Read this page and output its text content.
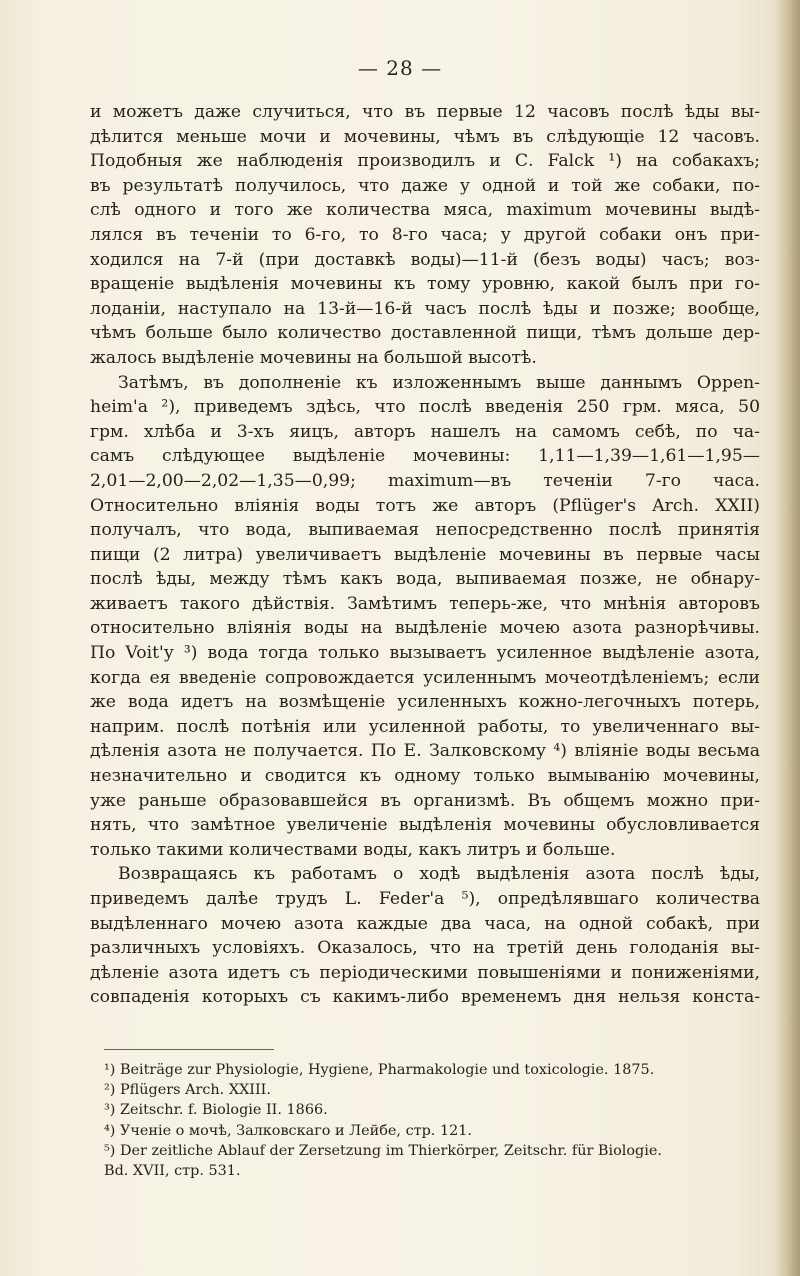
— 28 —
и можетъ даже случиться, что въ первые 12 часовъ послѣ ѣды вы-
дѣлится меньше мочи и мочевины, чѣмъ въ слѣдующіе 12 часовъ.
Подобныя же наблюденія производилъ и С. Falck ¹) на собакахъ;
въ результатѣ получилось, что даже у одной и той же собаки, по-
слѣ одного и того же количества мяса, maximum мочевины выдѣ-
лялся въ теченіи то 6-го, то 8-го часа; у другой собаки онъ при-
ходился на 7-й (при доставкѣ воды)—11-й (безъ воды) часъ; воз-
вращеніе выдѣленія мочевины къ тому уровню, какой былъ при го-
лоданіи, наступало на 13-й—16-й часъ послѣ ѣды и позже; вообще,
чѣмъ больше было количество доставленной пищи, тѣмъ дольше дер-
жалось выдѣленіе мочевины на большой высотѣ.
Затѣмъ, въ дополненіе къ изложеннымъ выше даннымъ Oppen-
heim'a ²), приведемъ здѣсь, что послѣ введенія 250 грм. мяса, 50
грм. хлѣба и 3-хъ яицъ, авторъ нашелъ на самомъ себѣ, по ча-
самъ слѣдующее выдѣленіе мочевины: 1,11—1,39—1,61—1,95—
2,01—2,00—2,02—1,35—0,99; maximum—въ теченіи 7-го часа.
Относительно вліянія воды тотъ же авторъ (Pflüger's Arch. XXII)
получалъ, что вода, выпиваемая непосредственно послѣ принятія
пищи (2 литра) увеличиваетъ выдѣленіе мочевины въ первые часы
послѣ ѣды, между тѣмъ какъ вода, выпиваемая позже, не обнару-
живаетъ такого дѣйствія. Замѣтимъ теперь-же, что мнѣнія авторовъ
относительно вліянія воды на выдѣленіе мочею азота разнорѣчивы.
По Voit'у ³) вода тогда только вызываетъ усиленное выдѣленіе азота,
когда ея введеніе сопровождается усиленнымъ мочеотдѣленіемъ; если
же вода идетъ на возмѣщеніе усиленныхъ кожно-легочныхъ потерь,
наприм. послѣ потѣнія или усиленной работы, то увеличеннаго вы-
дѣленія азота не получается. По Е. Залковскому ⁴) вліяніе воды весьма
незначительно и сводится къ одному только вымыванію мочевины,
уже раньше образовавшейся въ организмѣ. Въ общемъ можно при-
нять, что замѣтное увеличеніе выдѣленія мочевины обусловливается
только такими количествами воды, какъ литръ и больше.
Возвращаясь къ работамъ о ходѣ выдѣленія азота послѣ ѣды,
приведемъ далѣе трудъ L. Feder'a ⁵), опредѣлявшаго количества
выдѣленнаго мочею азота каждые два часа, на одной собакѣ, при
различныхъ условіяхъ. Оказалось, что на третій день голоданія вы-
дѣленіе азота идетъ съ періодическими повышеніями и пониженіями,
совпаденія которыхъ съ какимъ-либо временемъ дня нельзя конста-
¹) Beiträge zur Physiologie, Hygiene, Pharmakologie und toxicologie. 1875.
²) Pflügers Arch. XXIII.
³) Zeitschr. f. Biologie II. 1866.
⁴) Ученіе о мочѣ, Залковскаго и Лейбе, стр. 121.
⁵) Der zeitliche Ablauf der Zersetzung im Thierkörper, Zeitschr. für Biologie.
Bd. XVII, стр. 531.
